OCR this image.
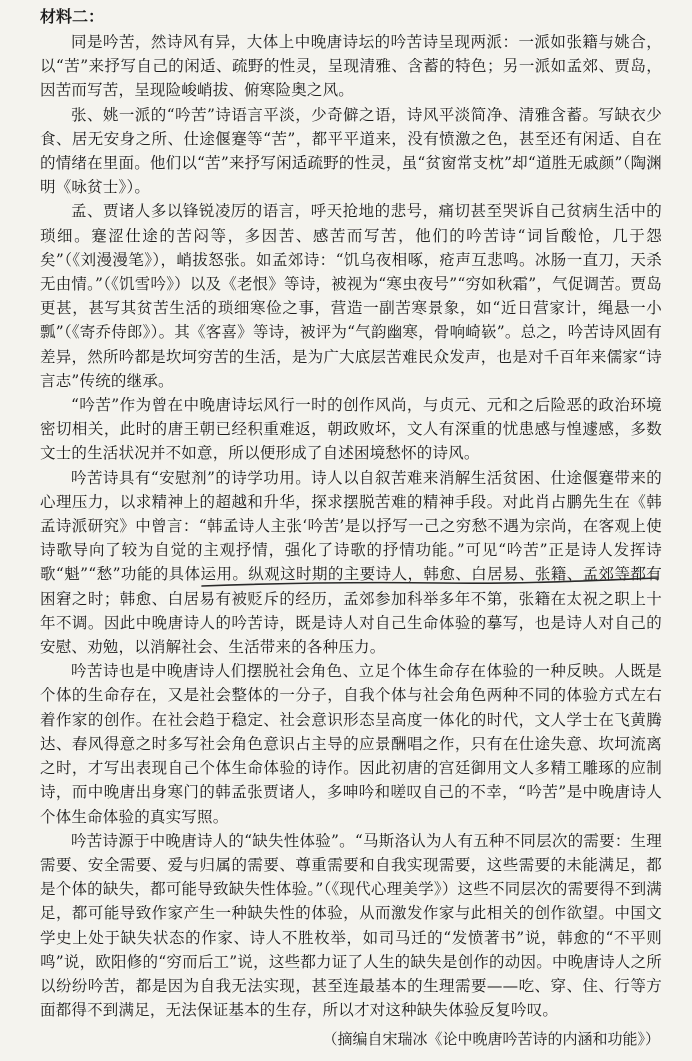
材料二：

同是吟苦，然诗风有异，大体上中晚唐诗坛的吟苦诗呈现两派：一派如张籍与姚合，以“苦”来抒写自己的闲适、疏野的性灵，呈现清雅、含蓄的特色；另一派如孟郊、贾岛，因苦而写苦，呈现险峻峭拔、俯寒险奥之风。

张、姚一派的“吟苦”诗语言平淡，少奇僻之语，诗风平淡简净、清雅含蓄。写缺衣少食、居无安身之所、仕途偃蹇等“苦”，都平平道来，没有愤激之色，甚至还有闲适、自在的情绪在里面。他们以“苦”来抒写闲适疏野的性灵，虽“贫窗常支枕”却“道胜无戚颜”（陶渊明《咏贫士》）。

孟、贾诸人多以锋锐凌厉的语言，呼天抢地的悲号，痛切甚至哭诉自己贫病生活中的琐细。蹇涩仕途的苦闷等，多因苦、感苦而写苦，他们的吟苦诗“词旨酸怆，几于怨矣”（《刘漫漫笔》），峭拔怒张。如孟郊诗：“饥乌夜相啄，疮声互悲鸣。冰肠一直刀，天杀无由情。”（《饥雪吟》）以及《老恨》等诗，被视为“寒虫夜号”“穷如秋霜”，气促调苦。贾岛更甚，甚写其贫苦生活的琐细寒俭之事，营造一副苦寒景象，如“近日营家计，绳悬一小瓢”（《寄乔侍郎》）。其《客喜》等诗，被评为“气韵幽寒，骨响崎嵚”。总之，吟苦诗风固有差异，然所吟都是坎坷穷苦的生活，是为广大底层苦难民众发声，也是对千百年来儒家“诗言志”传统的继承。

“吟苦”作为曾在中晚唐诗坛风行一时的创作风尚，与贞元、元和之后险恶的政治环境密切相关，此时的唐王朝已经积重难返，朝政败坏，文人有深重的忧患感与惶遽感，多数文士的生活状况并不如意，所以便形成了自述困境愁怀的诗风。

吟苦诗具有“安慰剂”的诗学功用。诗人以自叙苦难来消解生活贫困、仕途偃蹇带来的心理压力，以求精神上的超越和升华，探求摆脱苦难的精神手段。对此肖占鹏先生在《韩孟诗派研究》中曾言：“韩孟诗人主张‘吟苦’是以抒写一己之穷愁不遇为宗尚，在客观上使诗歌导向了较为自觉的主观抒情，强化了诗歌的抒情功能。”可见“吟苦”正是诗人发挥诗歌“魁”“愁”功能的具体运用。纵观这时期的主要诗人，韩愈、白居易、张籍、孟郊等都有困窘之时；韩愈、白居易有被贬斥的经历，孟郊参加科举多年不第，张籍在太祝之职上十年不调。因此中晚唐诗人的吟苦诗，既是诗人对自己生命体验的摹写，也是诗人对自己的安慰、劝勉，以消解社会、生活带来的各种压力。

吟苦诗也是中晚唐诗人们摆脱社会角色、立足个体生命存在体验的一种反映。人既是个体的生命存在，又是社会整体的一分子，自我个体与社会角色两种不同的体验方式左右着作家的创作。在社会趋于稳定、社会意识形态呈高度一体化的时代，文人学士在飞黄腾达、春风得意之时多写社会角色意识占主导的应景酬唱之作，只有在仕途失意、坎坷流离之时，才写出表现自己个体生命体验的诗作。因此初唐的宫廷御用文人多精工雕琢的应制诗，而中晚唐出身寒门的韩孟张贾诸人，多呻吟和嗟叹自己的不幸，“吟苦”是中晚唐诗人个体生命体验的真实写照。

吟苦诗源于中晚唐诗人的“缺失性体验”。“马斯洛认为人有五种不同层次的需要：生理需要、安全需要、爱与归属的需要、尊重需要和自我实现需要，这些需要的未能满足，都是个体的缺失，都可能导致缺失性体验。”（《现代心理美学》）这些不同层次的需要得不到满足，都可能导致作家产生一种缺失性的体验，从而激发作家与此相关的创作欲望。中国文学史上处于缺失状态的作家、诗人不胜枚举，如司马迁的“发愤著书”说，韩愈的“不平则鸣”说，欧阳修的“穷而后工”说，这些都力证了人生的缺失是创作的动因。中晚唐诗人之所以纷纷吟苦，都是因为自我无法实现，甚至连最基本的生理需要——吃、穿、住、行等方面都得不到满足，无法保证基本的生存，所以才对这种缺失体验反复吟叹。

（摘编自宋瑞冰《论中晚唐吟苦诗的内涵和功能》）
